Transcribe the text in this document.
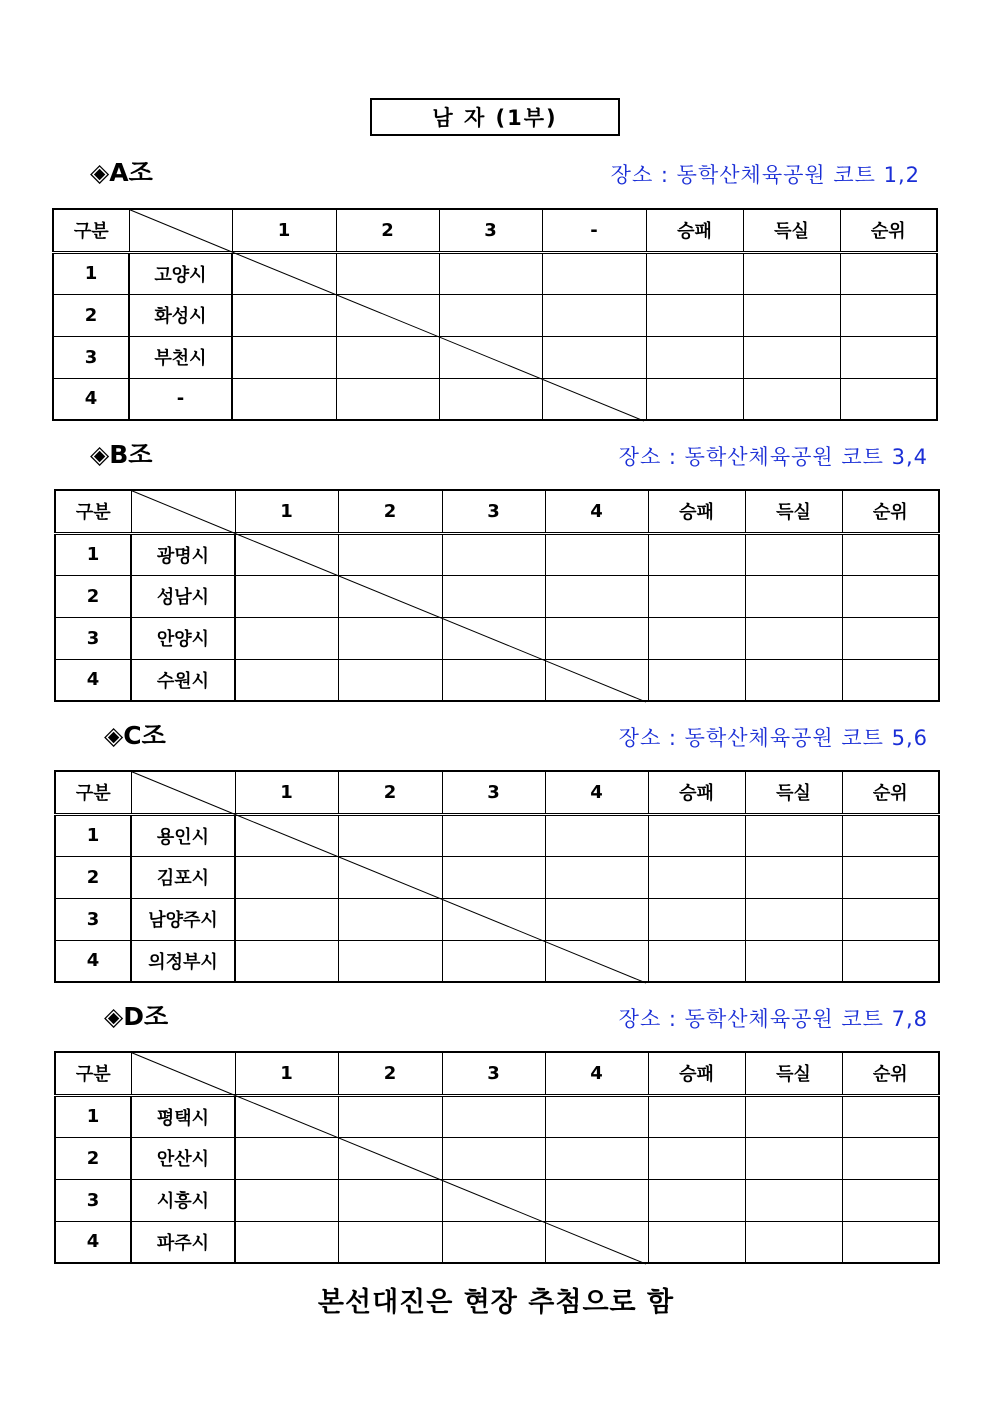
남 자 (1부)
◈A조	장소 : 동학산체육공원 코트 1,2
구분		1	2	3	-	승패	득실	순위
1	고양시							
2	화성시							
3	부천시							
4	-							
◈B조	장소 : 동학산체육공원 코트 3,4
구분		1	2	3	4	승패	득실	순위
1	광명시							
2	성남시							
3	안양시							
4	수원시							
◈C조	장소 : 동학산체육공원 코트 5,6
구분		1	2	3	4	승패	득실	순위
1	용인시							
2	김포시							
3	남양주시							
4	의정부시							
◈D조	장소 : 동학산체육공원 코트 7,8
구분		1	2	3	4	승패	득실	순위
1	평택시							
2	안산시							
3	시흥시							
4	파주시							
본선대진은 현장 추첨으로 함
